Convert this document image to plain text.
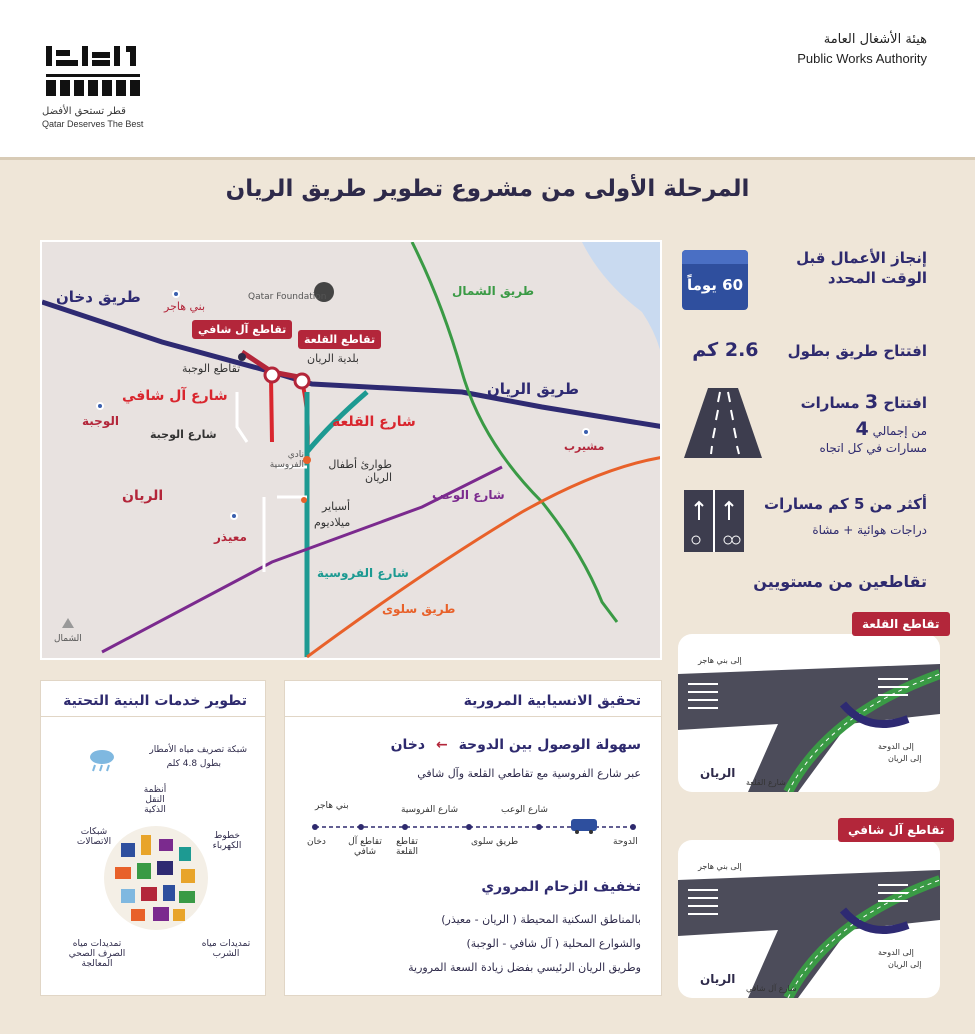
قطر تستحق الأفضل
Qatar Deserves The Best
هيئة الأشغال العامة
Public Works Authority
المرحلة الأولى من مشروع تطوير طريق الريان
طريق دخان	طريق الشمال
طريق الريان
شارع القلعة
شارع آل شافي
شارع الوعب
شارع الفروسية
طريق سلوى
شارع الوجبة
تقاطع آل شافي
تقاطع القلعة
بني هاجر
تقاطع الوجبة
بلدية الريان
الوجبة
الريان
معيذر
مشيرب
طوارئ أطفال الريان
أسباير
ميلاديوم
نادي الفروسية
Qatar Foundation
الشمال
60 يوماً
إنجاز الأعمال قبل الوقت المحدد
افتتاح طريق بطول 2.6 كم
افتتاح 3 مسارات
من إجمالي 4
مسارات في كل اتجاه
أكثر من 5 كم مسارات
دراجات هوائية + مشاة
تقاطعين من مستويين
إلى بني هاجر
إلى الدوحة
إلى الريان
الريان
شارع القلعة
تقاطع القلعة
إلى بني هاجر
إلى الدوحة
إلى الريان
الريان
شارع آل شافي
تقاطع آل شافي
تحقيق الانسيابية المرورية
سهولة الوصول بين الدوحة ← دخان
عبر شارع الفروسية مع تقاطعي القلعة وآل شافي
بني هاجر	شارع الوعب
شارع الفروسية
دخان	تقاطع آل شافي
تقاطع القلعة
طريق سلوى	الدوحة
تخفيف الزحام المروري
بالمناطق السكنية المحيطة ( الريان - معيذر)
والشوارع المحلية ( آل شافي - الوجبة)
وطريق الريان الرئيسي بفضل زيادة السعة المرورية
تطوير خدمات البنية التحتية
شبكة تصريف مياه الأمطار
بطول 4.8 كلم
أنظمة النقل الذكية
شبكات الاتصالات
خطوط الكهرباء
تمديدات مياه الصرف الصحي المعالجة
تمديدات مياه الشرب
